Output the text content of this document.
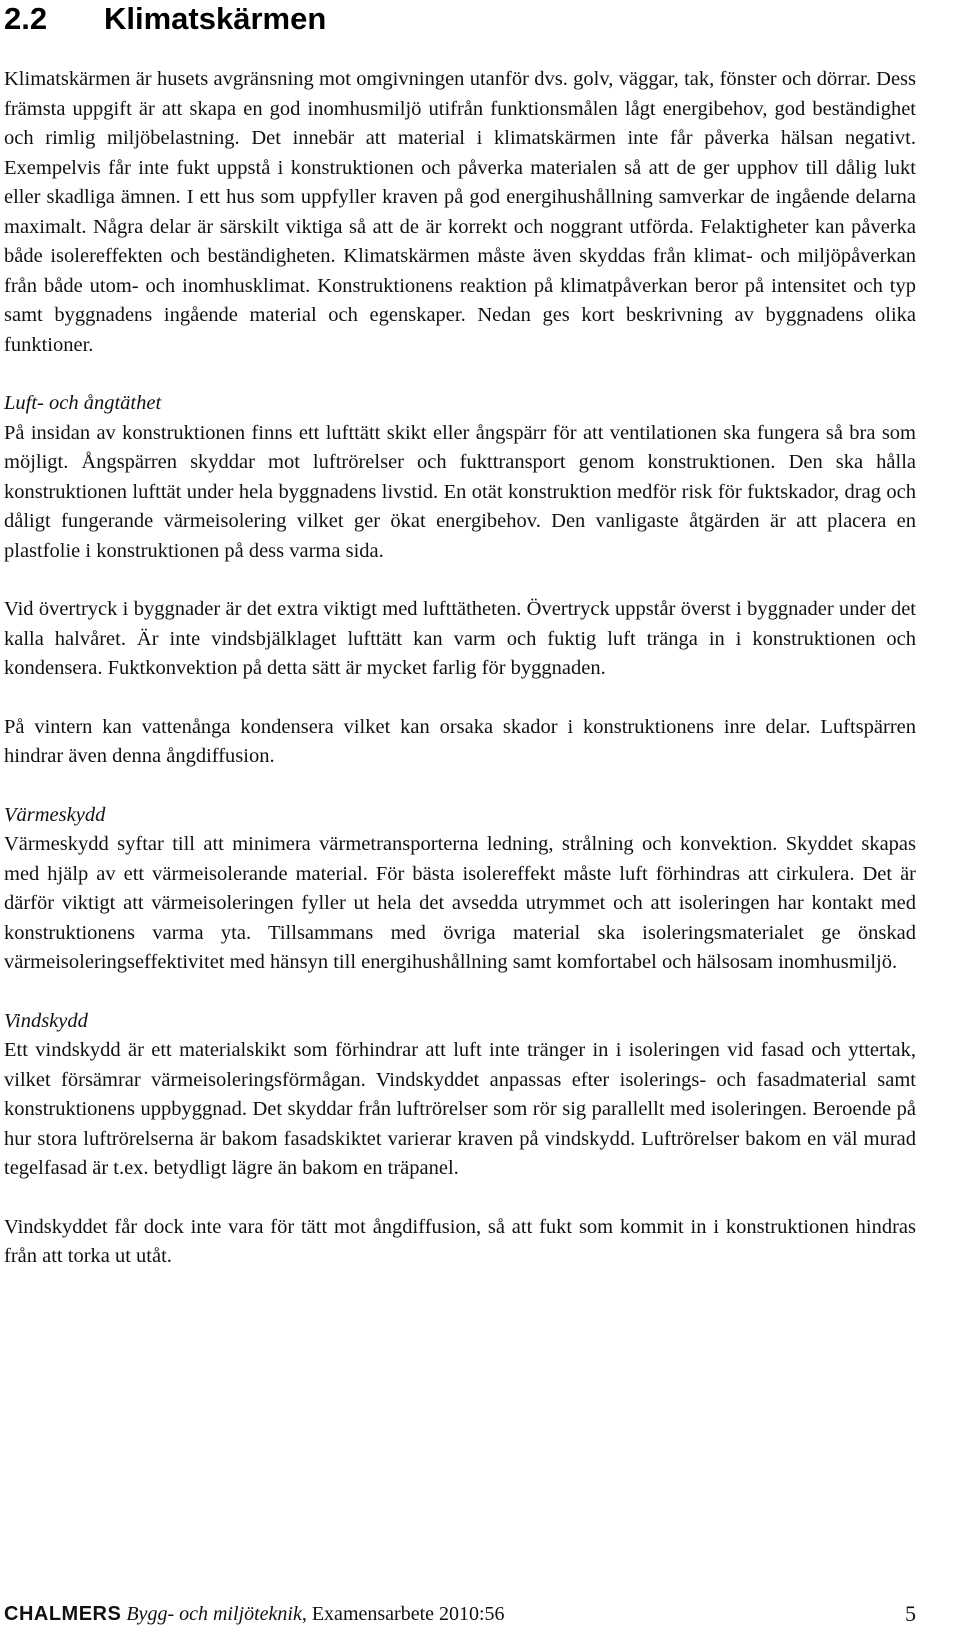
2.2 Klimatskärmen

Klimatskärmen är husets avgränsning mot omgivningen utanför dvs. golv, väggar, tak, fönster och dörrar. Dess främsta uppgift är att skapa en god inomhusmiljö utifrån funktionsmålen lågt energibehov, god beständighet och rimlig miljöbelastning. Det innebär att material i klimatskärmen inte får påverka hälsan negativt. Exempelvis får inte fukt uppstå i konstruktionen och påverka materialen så att de ger upphov till dålig lukt eller skadliga ämnen. I ett hus som uppfyller kraven på god energihushållning samverkar de ingående delarna maximalt. Några delar är särskilt viktiga så att de är korrekt och noggrant utförda. Felaktigheter kan påverka både isolereffekten och beständigheten. Klimatskärmen måste även skyddas från klimat- och miljöpåverkan från både utom- och inomhusklimat. Konstruktionens reaktion på klimatpåverkan beror på intensitet och typ samt byggnadens ingående material och egenskaper. Nedan ges kort beskrivning av byggnadens olika funktioner.

Luft- och ångtäthet

På insidan av konstruktionen finns ett lufttätt skikt eller ångspärr för att ventilationen ska fungera så bra som möjligt. Ångspärren skyddar mot luftrörelser och fukttransport genom konstruktionen. Den ska hålla konstruktionen lufttät under hela byggnadens livstid. En otät konstruktion medför risk för fuktskador, drag och dåligt fungerande värmeisolering vilket ger ökat energibehov. Den vanligaste åtgärden är att placera en plastfolie i konstruktionen på dess varma sida.

Vid övertryck i byggnader är det extra viktigt med lufttätheten. Övertryck uppstår överst i byggnader under det kalla halvåret. Är inte vindsbjälklaget lufttätt kan varm och fuktig luft tränga in i konstruktionen och kondensera. Fuktkonvektion på detta sätt är mycket farlig för byggnaden.

På vintern kan vattenånga kondensera vilket kan orsaka skador i konstruktionens inre delar. Luftspärren hindrar även denna ångdiffusion.

Värmeskydd

Värmeskydd syftar till att minimera värmetransporterna ledning, strålning och konvektion. Skyddet skapas med hjälp av ett värmeisolerande material. För bästa isolereffekt måste luft förhindras att cirkulera. Det är därför viktigt att värmeisoleringen fyller ut hela det avsedda utrymmet och att isoleringen har kontakt med konstruktionens varma yta. Tillsammans med övriga material ska isoleringsmaterialet ge önskad värmeisoleringseffektivitet med hänsyn till energihushållning samt komfortabel och hälsosam inomhusmiljö.

Vindskydd

Ett vindskydd är ett materialskikt som förhindrar att luft inte tränger in i isoleringen vid fasad och yttertak, vilket försämrar värmeisoleringsförmågan. Vindskyddet anpassas efter isolerings- och fasadmaterial samt konstruktionens uppbyggnad. Det skyddar från luftrörelser som rör sig parallellt med isoleringen. Beroende på hur stora luftrörelserna är bakom fasadskiktet varierar kraven på vindskydd. Luftrörelser bakom en väl murad tegelfasad är t.ex. betydligt lägre än bakom en träpanel.

Vindskyddet får dock inte vara för tätt mot ångdiffusion, så att fukt som kommit in i konstruktionen hindras från att torka ut utåt.

CHALMERS Bygg- och miljöteknik, Examensarbete 2010:56	5
